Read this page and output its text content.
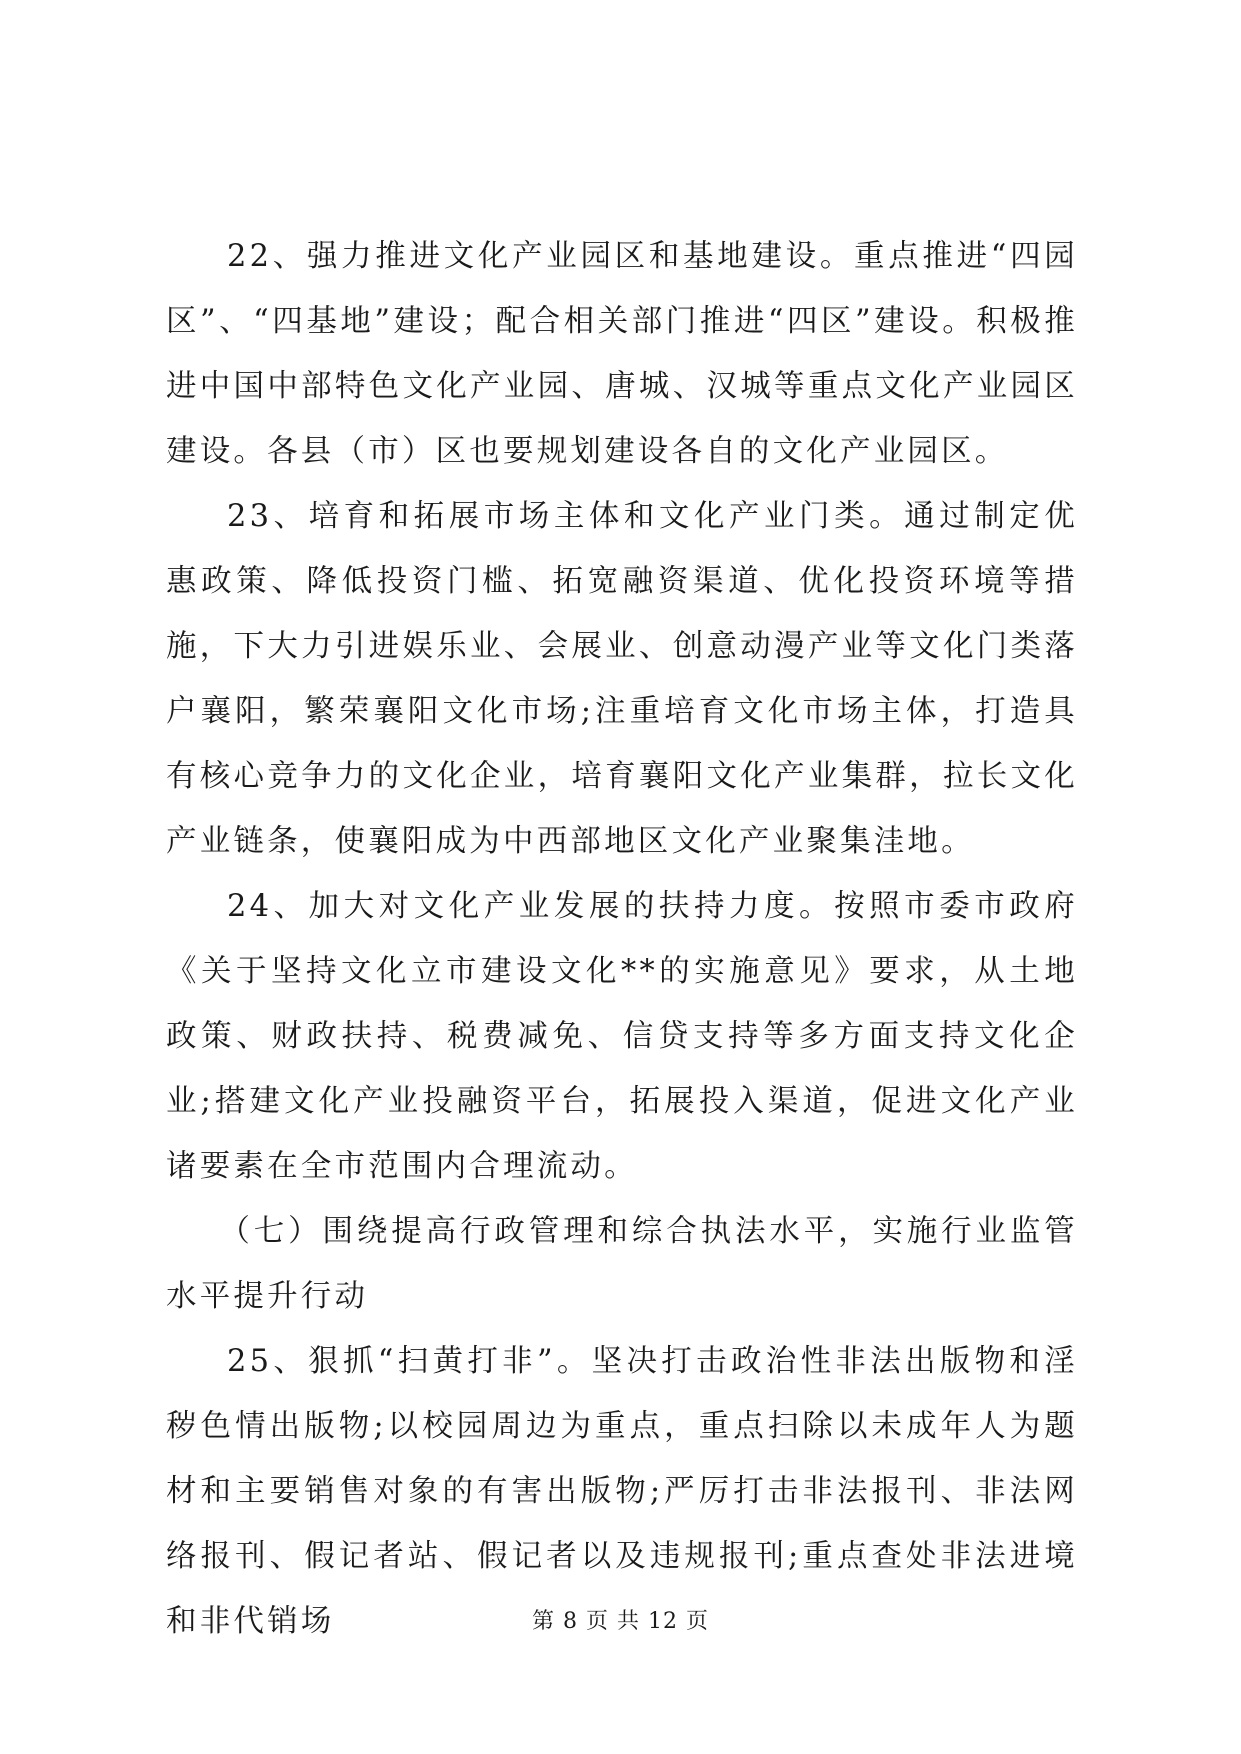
22、强力推进文化产业园区和基地建设。重点推进“四园区”、“四基地”建设；配合相关部门推进“四区”建设。积极推进中国中部特色文化产业园、唐城、汉城等重点文化产业园区建设。各县（市）区也要规划建设各自的文化产业园区。

23、培育和拓展市场主体和文化产业门类。通过制定优惠政策、降低投资门槛、拓宽融资渠道、优化投资环境等措施，下大力引进娱乐业、会展业、创意动漫产业等文化门类落户襄阳，繁荣襄阳文化市场;注重培育文化市场主体，打造具有核心竞争力的文化企业，培育襄阳文化产业集群，拉长文化产业链条，使襄阳成为中西部地区文化产业聚集洼地。

24、加大对文化产业发展的扶持力度。按照市委市政府《关于坚持文化立市建设文化**的实施意见》要求，从土地政策、财政扶持、税费减免、信贷支持等多方面支持文化企业;搭建文化产业投融资平台，拓展投入渠道，促进文化产业诸要素在全市范围内合理流动。

（七）围绕提高行政管理和综合执法水平，实施行业监管水平提升行动

25、狠抓“扫黄打非”。坚决打击政治性非法出版物和淫秽色情出版物;以校园周边为重点，重点扫除以未成年人为题材和主要销售对象的有害出版物;严厉打击非法报刊、非法网络报刊、假记者站、假记者以及违规报刊;重点查处非法进境和非代销场	第 8 页 共 12 页
